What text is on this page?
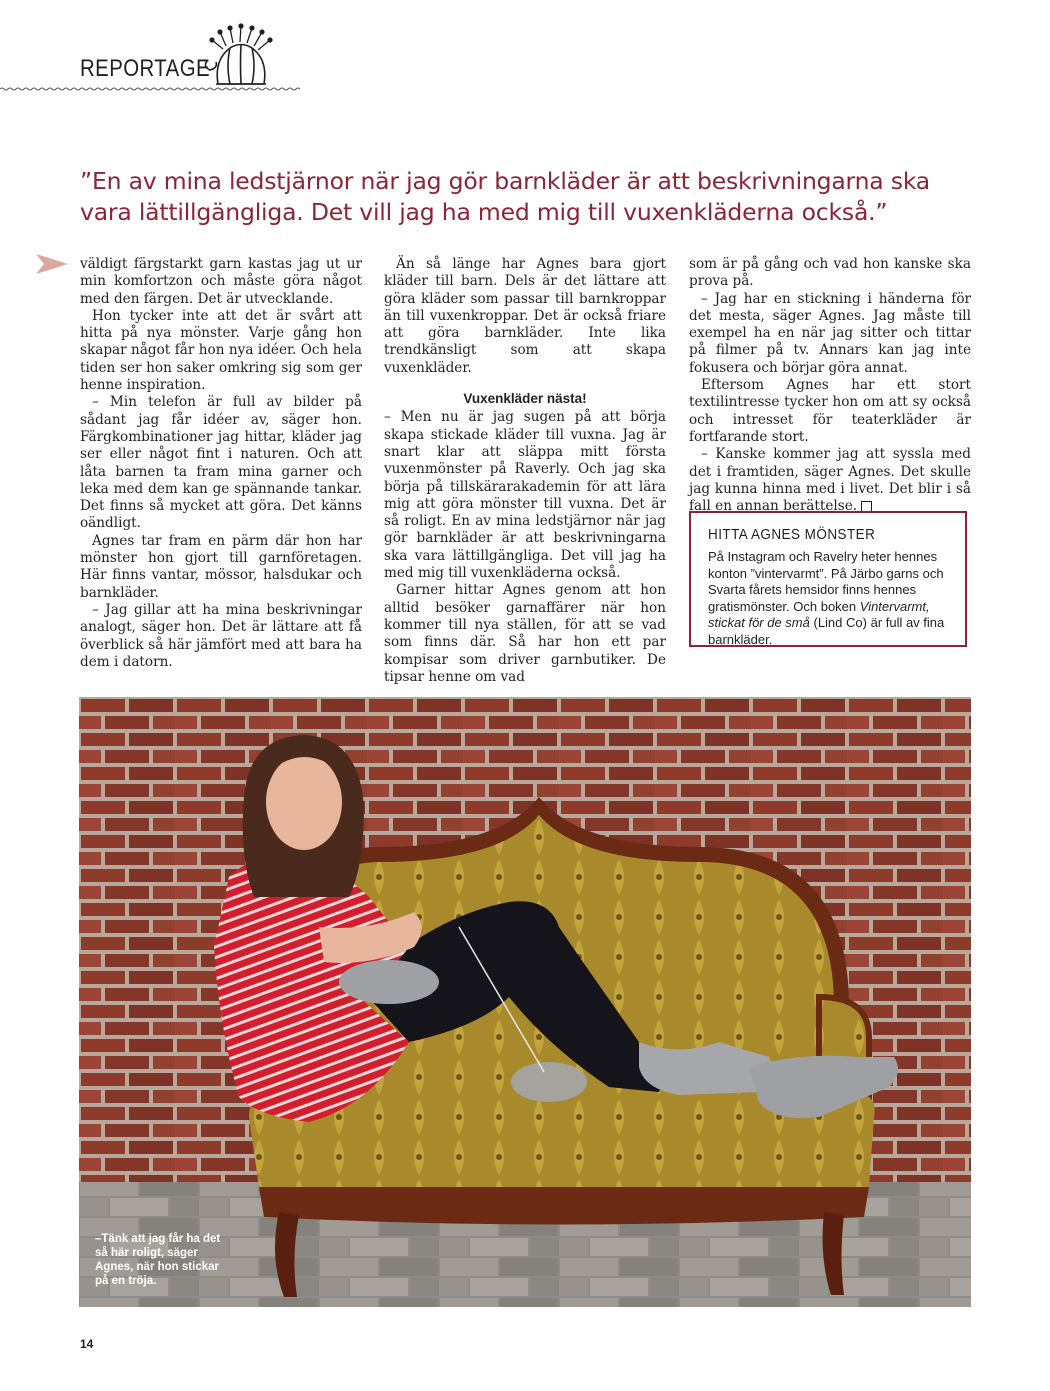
REPORTAGE
”En av mina ledstjärnor när jag gör barnkläder är att beskrivningarna ska vara lättillgängliga. Det vill jag ha med mig till vuxenkläderna också.”

väldigt färgstarkt garn kastas jag ut ur min komfortzon och måste göra något med den färgen. Det är utvecklande.

Hon tycker inte att det är svårt att hitta på nya mönster. Varje gång hon skapar något får hon nya idéer. Och hela tiden ser hon saker omkring sig som ger henne inspiration.

– Min telefon är full av bilder på sådant jag får idéer av, säger hon. Färgkombinationer jag hittar, kläder jag ser eller något fint i naturen. Och att låta barnen ta fram mina garner och leka med dem kan ge spännande tankar. Det finns så mycket att göra. Det känns oändligt.

Agnes tar fram en pärm där hon har mönster hon gjort till garnföretagen. Här finns vantar, mössor, halsdukar och barnkläder.

– Jag gillar att ha mina beskrivningar analogt, säger hon. Det är lättare att få överblick så här jämfört med att bara ha dem i datorn.

Än så länge har Agnes bara gjort kläder till barn. Dels är det lättare att göra kläder som passar till barnkroppar än till vuxenkroppar. Det är också friare att göra barnkläder. Inte lika trendkänsligt som att skapa vuxenkläder.

Vuxenkläder nästa!

– Men nu är jag sugen på att börja skapa stickade kläder till vuxna. Jag är snart klar att släppa mitt första vuxenmönster på Raverly. Och jag ska börja på tillskärarakademin för att lära mig att göra mönster till vuxna. Det är så roligt. En av mina ledstjärnor när jag gör barnkläder är att beskrivningarna ska vara lättillgängliga. Det vill jag ha med mig till vuxenkläderna också.

Garner hittar Agnes genom att hon alltid besöker garnaffärer när hon kommer till nya ställen, för att se vad som finns där. Så har hon ett par kompisar som driver garnbutiker. De tipsar henne om vad

som är på gång och vad hon kanske ska prova på.

– Jag har en stickning i händerna för det mesta, säger Agnes. Jag måste till exempel ha en när jag sitter och tittar på filmer på tv. Annars kan jag inte fokusera och börjar göra annat.

Eftersom Agnes har ett stort textilintresse tycker hon om att sy också och intresset för teaterkläder är fortfarande stort.

– Kanske kommer jag att syssla med det i framtiden, säger Agnes. Det skulle jag kunna hinna med i livet. Det blir i så fall en annan berättelse.

HITTA AGNES MÖNSTER
På Instagram och Ravelry heter hennes konton ”vintervarmt”. På Järbo garns och Svarta fårets hemsidor finns hennes gratismönster. Och boken Vintervarmt, stickat för de små (Lind Co) är full av fina barnkläder.
–Tänk att jag får ha det så här roligt, säger Agnes, när hon stickar på en tröja.
14
